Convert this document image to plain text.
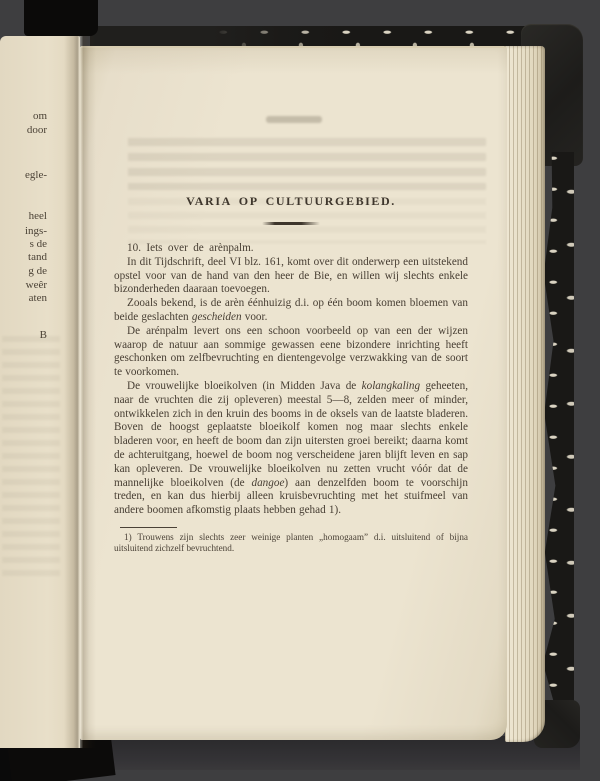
om
door
egle-
heel
ings-
s de
tand
g de
weêr
aten
B
VARIA OP CULTUURGEBIED.

10. Iets over de arènpalm.

In dit Tijdschrift, deel VI blz. 161, komt over dit onderwerp een uitstekend opstel voor van de hand van den heer de Bie, en willen wij slechts enkele bizonderheden daaraan toevoegen.

Zooals bekend, is de arèn éénhuizig d.i. op één boom komen bloemen van beide geslachten gescheiden voor.

De arénpalm levert ons een schoon voorbeeld op van een der wijzen waarop de natuur aan sommige gewassen eene bizondere inrichting heeft geschonken om zelfbevruchting en dientengevolge verzwakking van de soort te voorkomen.

De vrouwelijke bloeikolven (in Midden Java de kolangkaling geheeten, naar de vruchten die zij opleveren) meestal 5—8, zelden meer of minder, ontwikkelen zich in den kruin des booms in de oksels van de laatste bladeren. Boven de hoogst geplaatste bloeikolf komen nog maar slechts enkele bladeren voor, en heeft de boom dan zijn uitersten groei bereikt; daarna komt de achteruitgang, hoewel de boom nog verscheidene jaren blijft leven en sap kan opleveren. De vrouwelijke bloeikolven nu zetten vrucht vóór dat de mannelijke bloeikolven (de dangoe) aan denzelfden boom te voorschijn treden, en kan dus hierbij alleen kruisbevruchting met het stuifmeel van andere boomen afkomstig plaats hebben gehad 1).

1) Trouwens zijn slechts zeer weinige planten „homogaam” d.i. uitsluitend of bijna uitsluitend zichzelf bevruchtend.
